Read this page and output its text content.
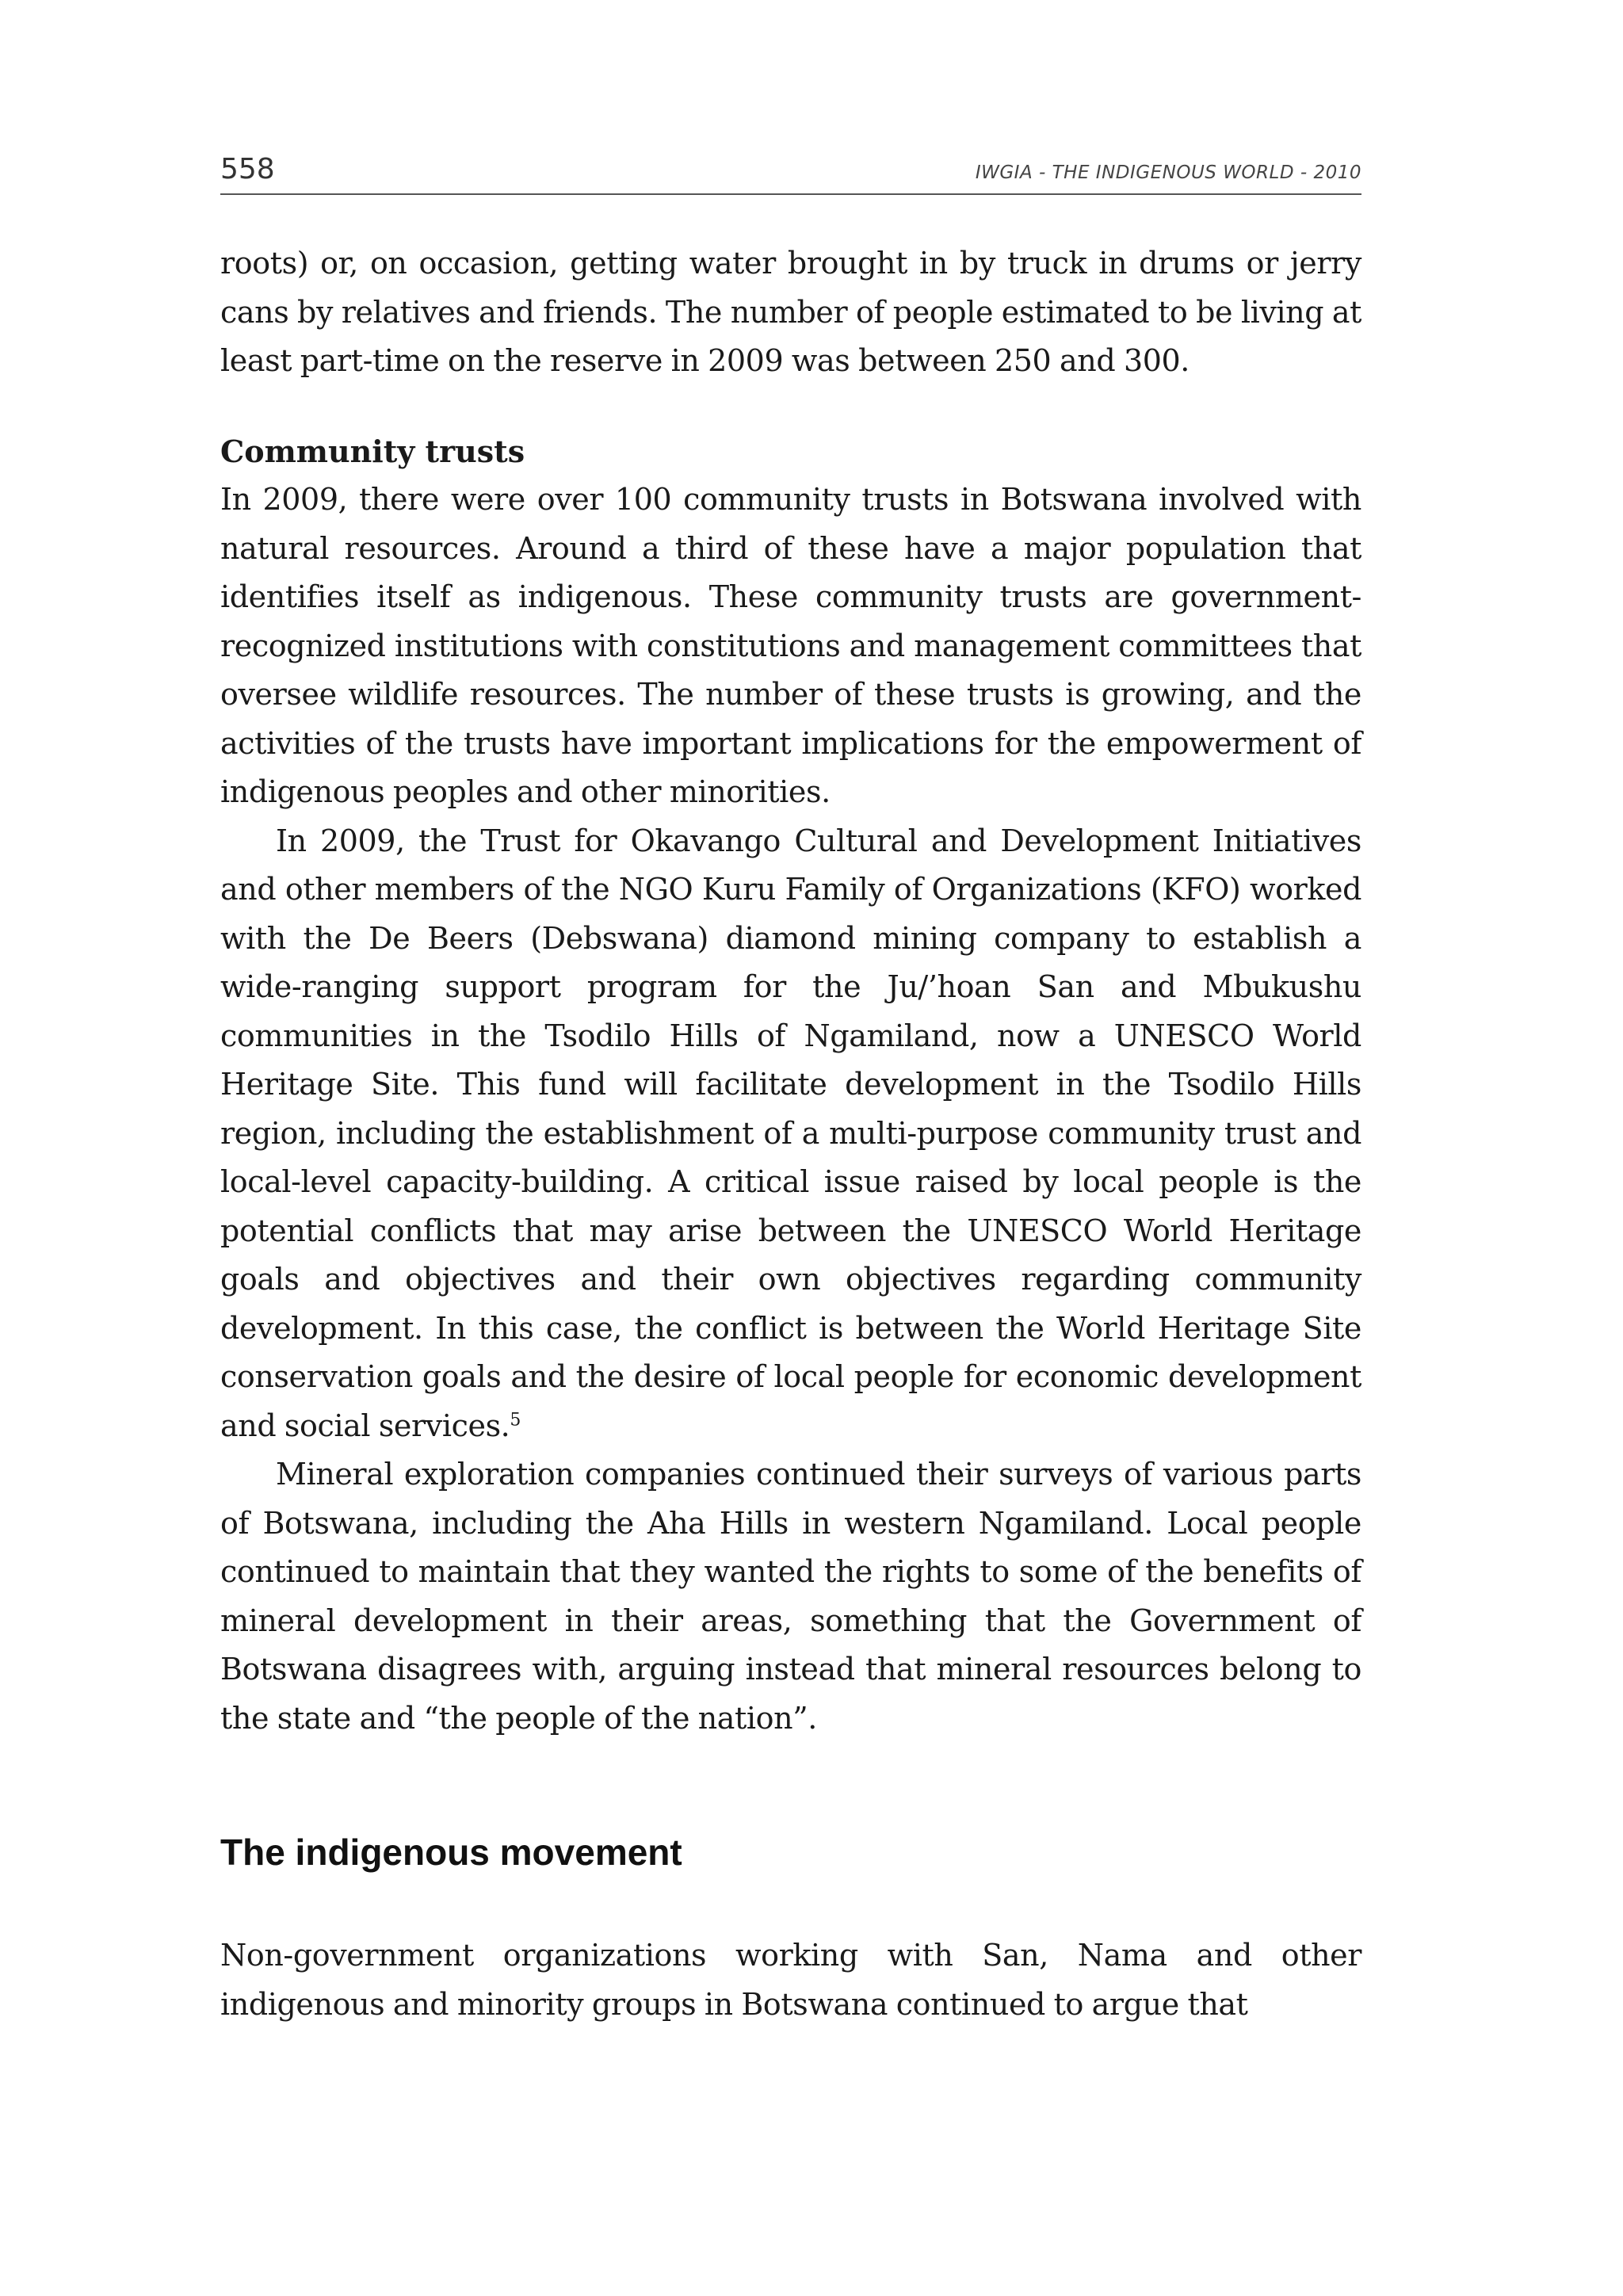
558	IWGIA - THE INDIGENOUS WORLD - 2010

roots) or, on occasion, getting water brought in by truck in drums or jerry cans by relatives and friends. The number of people estimated to be living at least part-time on the reserve in 2009 was between 250 and 300.

Community trusts

In 2009, there were over 100 community trusts in Botswana involved with natural resources. Around a third of these have a major population that identifies itself as indigenous. These community trusts are government-recognized institutions with constitutions and management committees that oversee wildlife resources. The number of these trusts is growing, and the activities of the trusts have important implications for the empowerment of indigenous peoples and other minorities.

In 2009, the Trust for Okavango Cultural and Development Initiatives and other members of the NGO Kuru Family of Organizations (KFO) worked with the De Beers (Debswana) diamond mining company to establish a wide-ranging support program for the Ju/’hoan San and Mbukushu communities in the Tsodilo Hills of Ngamiland, now a UNESCO World Heritage Site. This fund will facilitate development in the Tsodilo Hills region, including the establishment of a multi-purpose community trust and local-level capacity-building. A critical issue raised by local people is the potential conflicts that may arise between the UNESCO World Heritage goals and objectives and their own objectives regarding community development. In this case, the conflict is between the World Heritage Site conservation goals and the desire of local people for economic development and social services.$^5$

Mineral exploration companies continued their surveys of various parts of Botswana, including the Aha Hills in western Ngamiland. Local people continued to maintain that they wanted the rights to some of the benefits of mineral development in their areas, something that the Government of Botswana disagrees with, arguing instead that mineral resources belong to the state and “the people of the nation”.

The indigenous movement

Non-government organizations working with San, Nama and other indigenous and minority groups in Botswana continued to argue that
